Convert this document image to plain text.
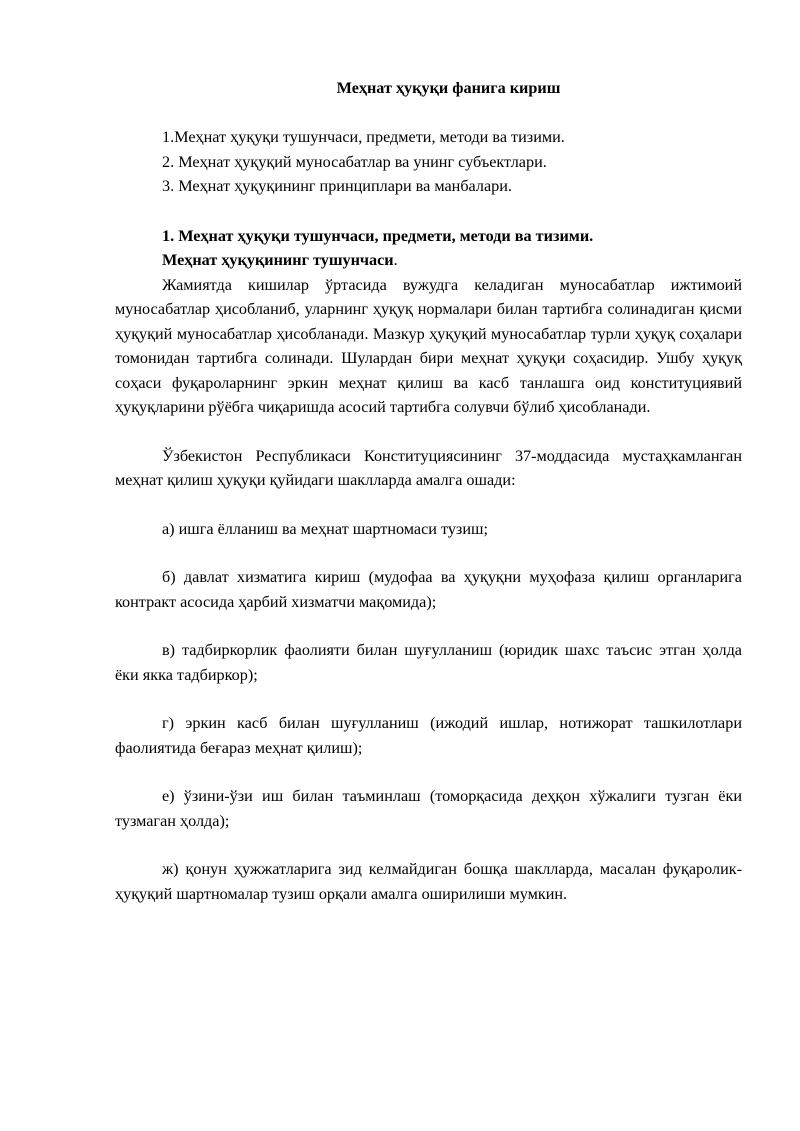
Меҳнат ҳуқуқи фанига кириш

1.Меҳнат ҳуқуқи тушунчаси, предмети, методи ва тизими.

2. Меҳнат ҳуқуқий муносабатлар ва унинг субъектлари.

3. Меҳнат ҳуқуқининг принциплари ва манбалари.

1. Меҳнат ҳуқуқи тушунчаси, предмети, методи ва тизими.

Меҳнат ҳуқуқининг тушунчаси.

Жамиятда кишилар ўртасида вужудга келадиган муносабатлар ижтимоий муносабатлар ҳисобланиб, уларнинг ҳуқуқ нормалари билан тартибга солинадиган қисми ҳуқуқий муносабатлар ҳисобланади. Мазкур ҳуқуқий муносабатлар турли ҳуқуқ соҳалари томонидан тартибга солинади. Шулардан бири меҳнат ҳуқуқи соҳасидир. Ушбу ҳуқуқ соҳаси фуқароларнинг эркин меҳнат қилиш ва касб танлашга оид конституциявий ҳуқуқларини рўёбга чиқаришда асосий тартибга солувчи бўлиб ҳисобланади.

Ўзбекистон Республикаси Конституциясининг 37-моддасида мустаҳкамланган меҳнат қилиш ҳуқуқи қуйидаги шаклларда амалга ошади:

а) ишга ёлланиш ва меҳнат шартномаси тузиш;

б) давлат хизматига кириш (мудофаа ва ҳуқуқни муҳофаза қилиш органларига контракт асосида ҳарбий хизматчи мақомида);

в) тадбиркорлик фаолияти билан шуғулланиш (юридик шахс таъсис этган ҳолда ёки якка тадбиркор);

г) эркин касб билан шуғулланиш (ижодий ишлар, нотижорат ташкилотлари фаолиятида беғараз меҳнат қилиш);

е) ўзини-ўзи иш билан таъминлаш (томорқасида деҳқон хўжалиги тузган ёки тузмаган ҳолда);

ж) қонун ҳужжатларига зид келмайдиган бошқа шаклларда, масалан фуқаролик-ҳуқуқий шартномалар тузиш орқали амалга оширилиши мумкин.
